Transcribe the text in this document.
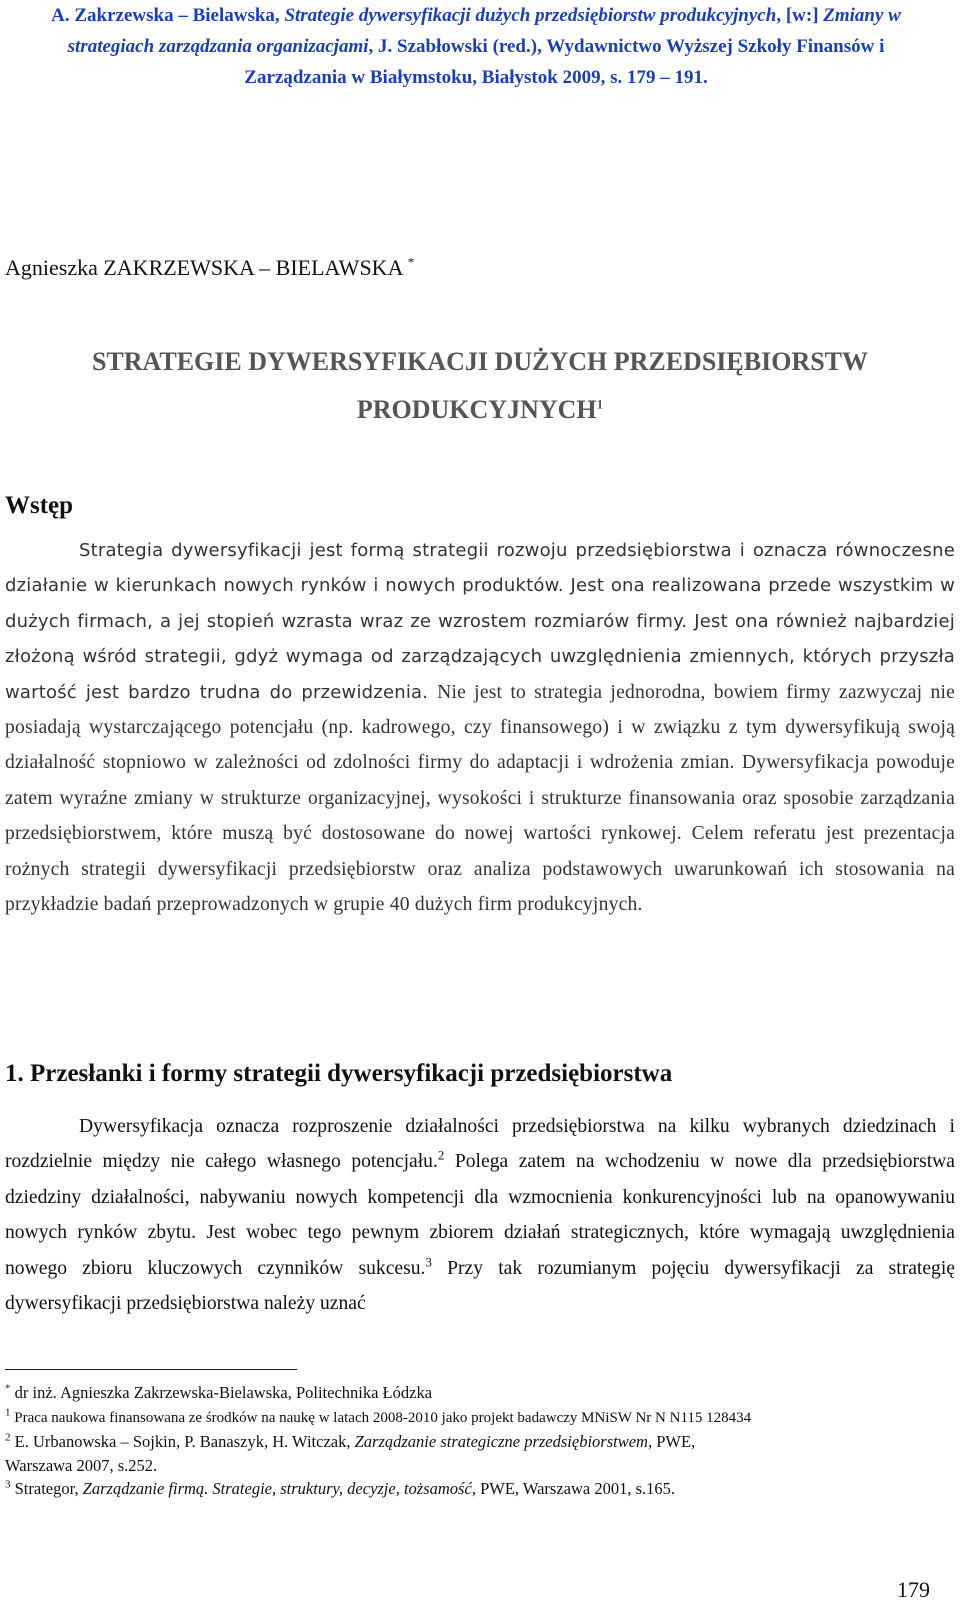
A. Zakrzewska – Bielawska, Strategie dywersyfikacji dużych przedsiębiorstw produkcyjnych, [w:] Zmiany w
strategiach zarządzania organizacjami, J. Szabłowski (red.), Wydawnictwo Wyższej Szkoły Finansów i
Zarządzania w Białymstoku, Białystok 2009, s. 179 – 191.
Agnieszka ZAKRZEWSKA – BIELAWSKA *
STRATEGIE DYWERSYFIKACJI DUŻYCH PRZEDSIĘBIORSTW
PRODUKCYJNYCH$^1$
Wstęp
Strategia dywersyfikacji jest formą strategii rozwoju przedsiębiorstwa i oznacza równoczesne działanie w kierunkach nowych rynków i nowych produktów. Jest ona realizowana przede wszystkim w dużych firmach, a jej stopień wzrasta wraz ze wzrostem rozmiarów firmy. Jest ona również najbardziej złożoną wśród strategii, gdyż wymaga od zarządzających uwzględnienia zmiennych, których przyszła wartość jest bardzo trudna do przewidzenia. Nie jest to strategia jednorodna, bowiem firmy zazwyczaj nie posiadają wystarczającego potencjału (np. kadrowego, czy finansowego) i w związku z tym dywersyfikują swoją działalność stopniowo w zależności od zdolności firmy do adaptacji i wdrożenia zmian. Dywersyfikacja powoduje zatem wyraźne zmiany w strukturze organizacyjnej, wysokości i strukturze finansowania oraz sposobie zarządzania przedsiębiorstwem, które muszą być dostosowane do nowej wartości rynkowej. Celem referatu jest prezentacja rożnych strategii dywersyfikacji przedsiębiorstw oraz analiza podstawowych uwarunkowań ich stosowania na przykładzie badań przeprowadzonych w grupie 40 dużych firm produkcyjnych.
1. Przesłanki i formy strategii dywersyfikacji przedsiębiorstwa
Dywersyfikacja oznacza rozproszenie działalności przedsiębiorstwa na kilku wybranych dziedzinach i rozdzielnie między nie całego własnego potencjału.$^2$ Polega zatem na wchodzeniu w nowe dla przedsiębiorstwa dziedziny działalności, nabywaniu nowych kompetencji dla wzmocnienia konkurencyjności lub na opanowywaniu nowych rynków zbytu. Jest wobec tego pewnym zbiorem działań strategicznych, które wymagają uwzględnienia nowego zbioru kluczowych czynników sukcesu.$^3$ Przy tak rozumianym pojęciu dywersyfikacji za strategię dywersyfikacji przedsiębiorstwa należy uznać
* dr inż. Agnieszka Zakrzewska-Bielawska, Politechnika Łódzka
$^1$ Praca naukowa finansowana ze środków na naukę w latach 2008-2010 jako projekt badawczy MNiSW Nr N N115 128434
$^2$ E. Urbanowska – Sojkin, P. Banaszyk, H. Witczak, Zarządzanie strategiczne przedsiębiorstwem, PWE,
Warszawa 2007, s.252.
$^3$ Strategor, Zarządzanie firmą. Strategie, struktury, decyzje, tożsamość, PWE, Warszawa 2001, s.165.
179
